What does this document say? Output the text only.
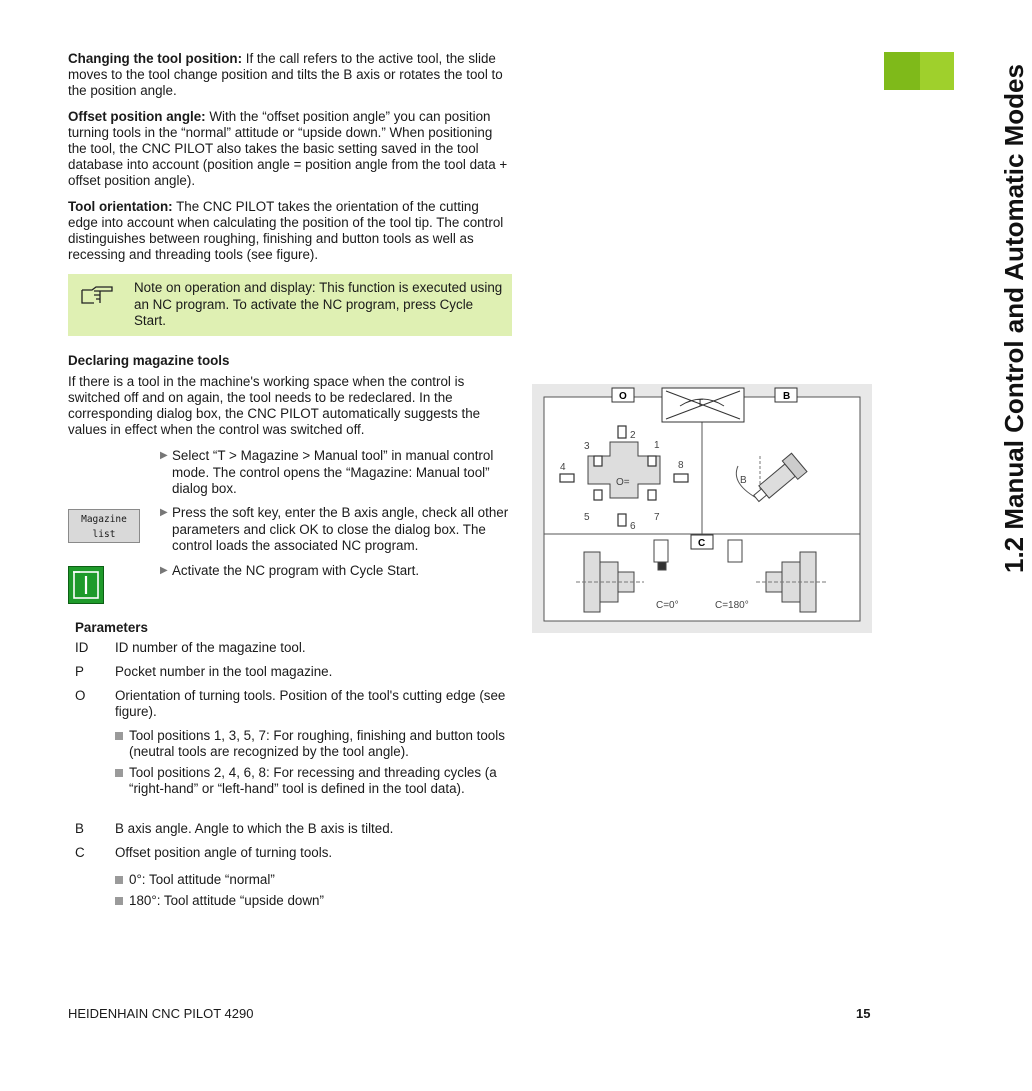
Changing the tool position: If the call refers to the active tool, the slide moves to the tool change position and tilts the B axis or rotates the tool to the position angle.

Offset position angle: With the “offset position angle” you can position turning tools in the “normal” attitude or “upside down.” When positioning the tool, the CNC PILOT also takes the basic setting saved in the tool database into account (position angle = position angle from the tool data + offset position angle).

Tool orientation: The CNC PILOT takes the orientation of the cutting edge into account when calculating the position of the tool tip. The control distinguishes between roughing, finishing and button tools as well as recessing and threading tools (see figure).

Note on operation and display: This function is executed using an NC program. To activate the NC program, press Cycle Start.
Declaring magazine tools

If there is a tool in the machine's working space when the control is switched off and on again, the tool needs to be redeclared. In the corresponding dialog box, the CNC PILOT automatically suggests the values in effect when the control was switched off.

▶ Select “T > Magazine > Manual tool” in manual control mode. The control opens the “Magazine: Manual tool” dialog box.
Magazine
list
▶ Press the soft key, enter the B axis angle, check all other parameters and click OK to close the dialog box. The control loads the associated NC program.
▶ Activate the NC program with Cycle Start.
Parameters
ID	ID number of the magazine tool.
P	Pocket number in the tool magazine.
O	Orientation of turning tools. Position of the tool's cutting edge (see figure).
Tool positions 1, 3, 5, 7: For roughing, finishing and button tools (neutral tools are recognized by the tool angle).
Tool positions 2, 4, 6, 8: For recessing and threading cycles (a “right-hand” or “left-hand” tool is defined in the tool data).
B	B axis angle. Angle to which the B axis is tilted.
C	Offset position angle of turning tools.
0°: Tool attitude “normal”
180°: Tool attitude “upside down”
1.2 Manual Control and Automatic Modes
T
O	B
C
O=
3
2
1
4	8
5
6
7
B
C=0°	C=180°
HEIDENHAIN CNC PILOT 4290	15
